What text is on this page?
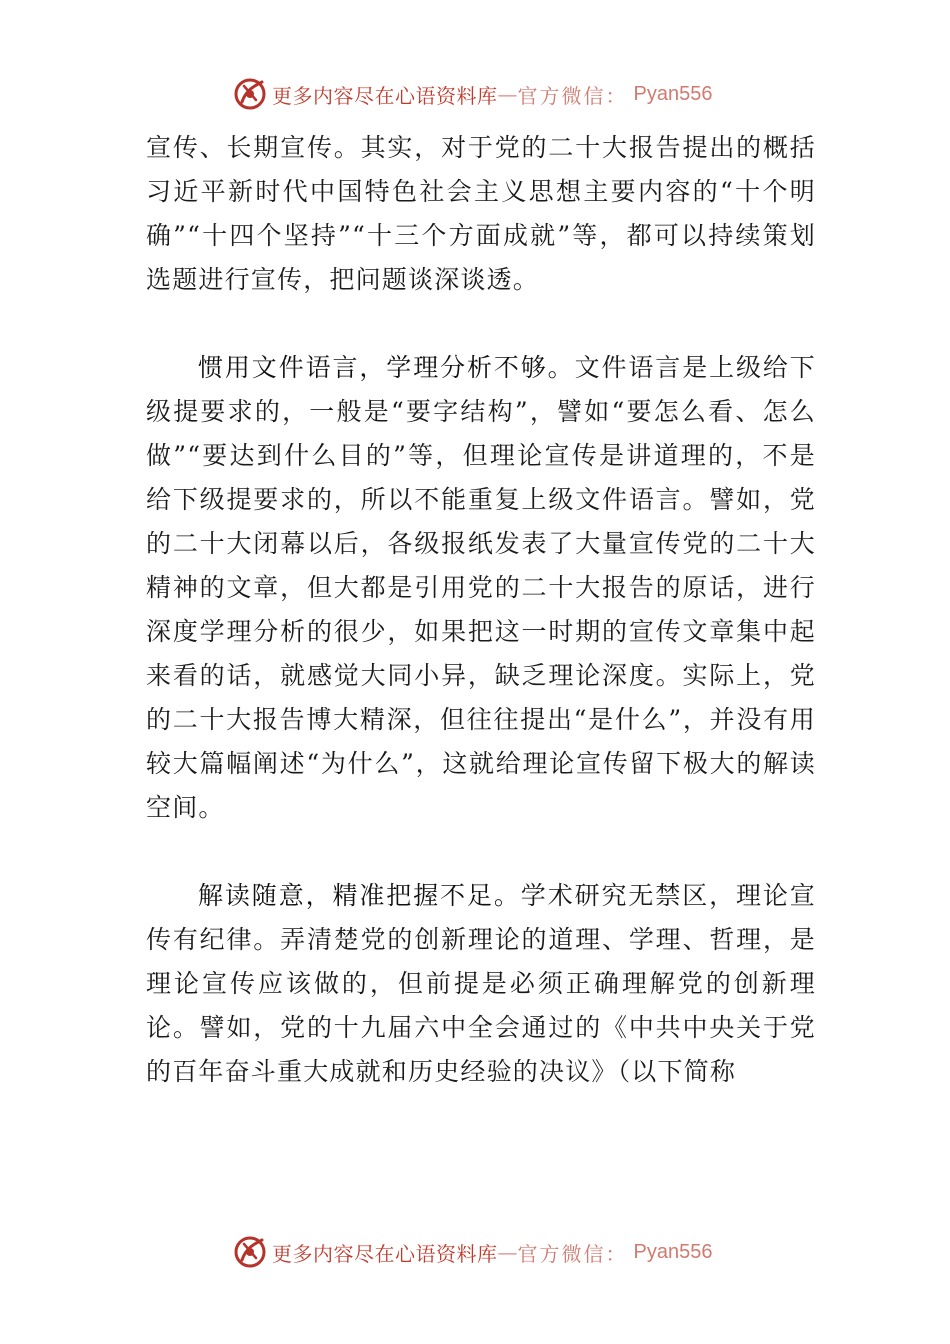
更多内容尽在心语资料库 — 官方微信： Pyan556

宣传、长期宣传。其实，对于党的二十大报告提出的概括习近平新时代中国特色社会主义思想主要内容的“十个明确”“十四个坚持”“十三个方面成就”等，都可以持续策划选题进行宣传，把问题谈深谈透。

惯用文件语言，学理分析不够。文件语言是上级给下级提要求的，一般是“要字结构”，譬如“要怎么看、怎么做”“要达到什么目的”等，但理论宣传是讲道理的，不是给下级提要求的，所以不能重复上级文件语言。譬如，党的二十大闭幕以后，各级报纸发表了大量宣传党的二十大精神的文章，但大都是引用党的二十大报告的原话，进行深度学理分析的很少，如果把这一时期的宣传文章集中起来看的话，就感觉大同小异，缺乏理论深度。实际上，党的二十大报告博大精深，但往往提出“是什么”，并没有用较大篇幅阐述“为什么”，这就给理论宣传留下极大的解读空间。

解读随意，精准把握不足。学术研究无禁区，理论宣传有纪律。弄清楚党的创新理论的道理、学理、哲理，是理论宣传应该做的，但前提是必须正确理解党的创新理论。譬如，党的十九届六中全会通过的《中共中央关于党的百年奋斗重大成就和历史经验的决议》（以下简称

更多内容尽在心语资料库 — 官方微信： Pyan556
